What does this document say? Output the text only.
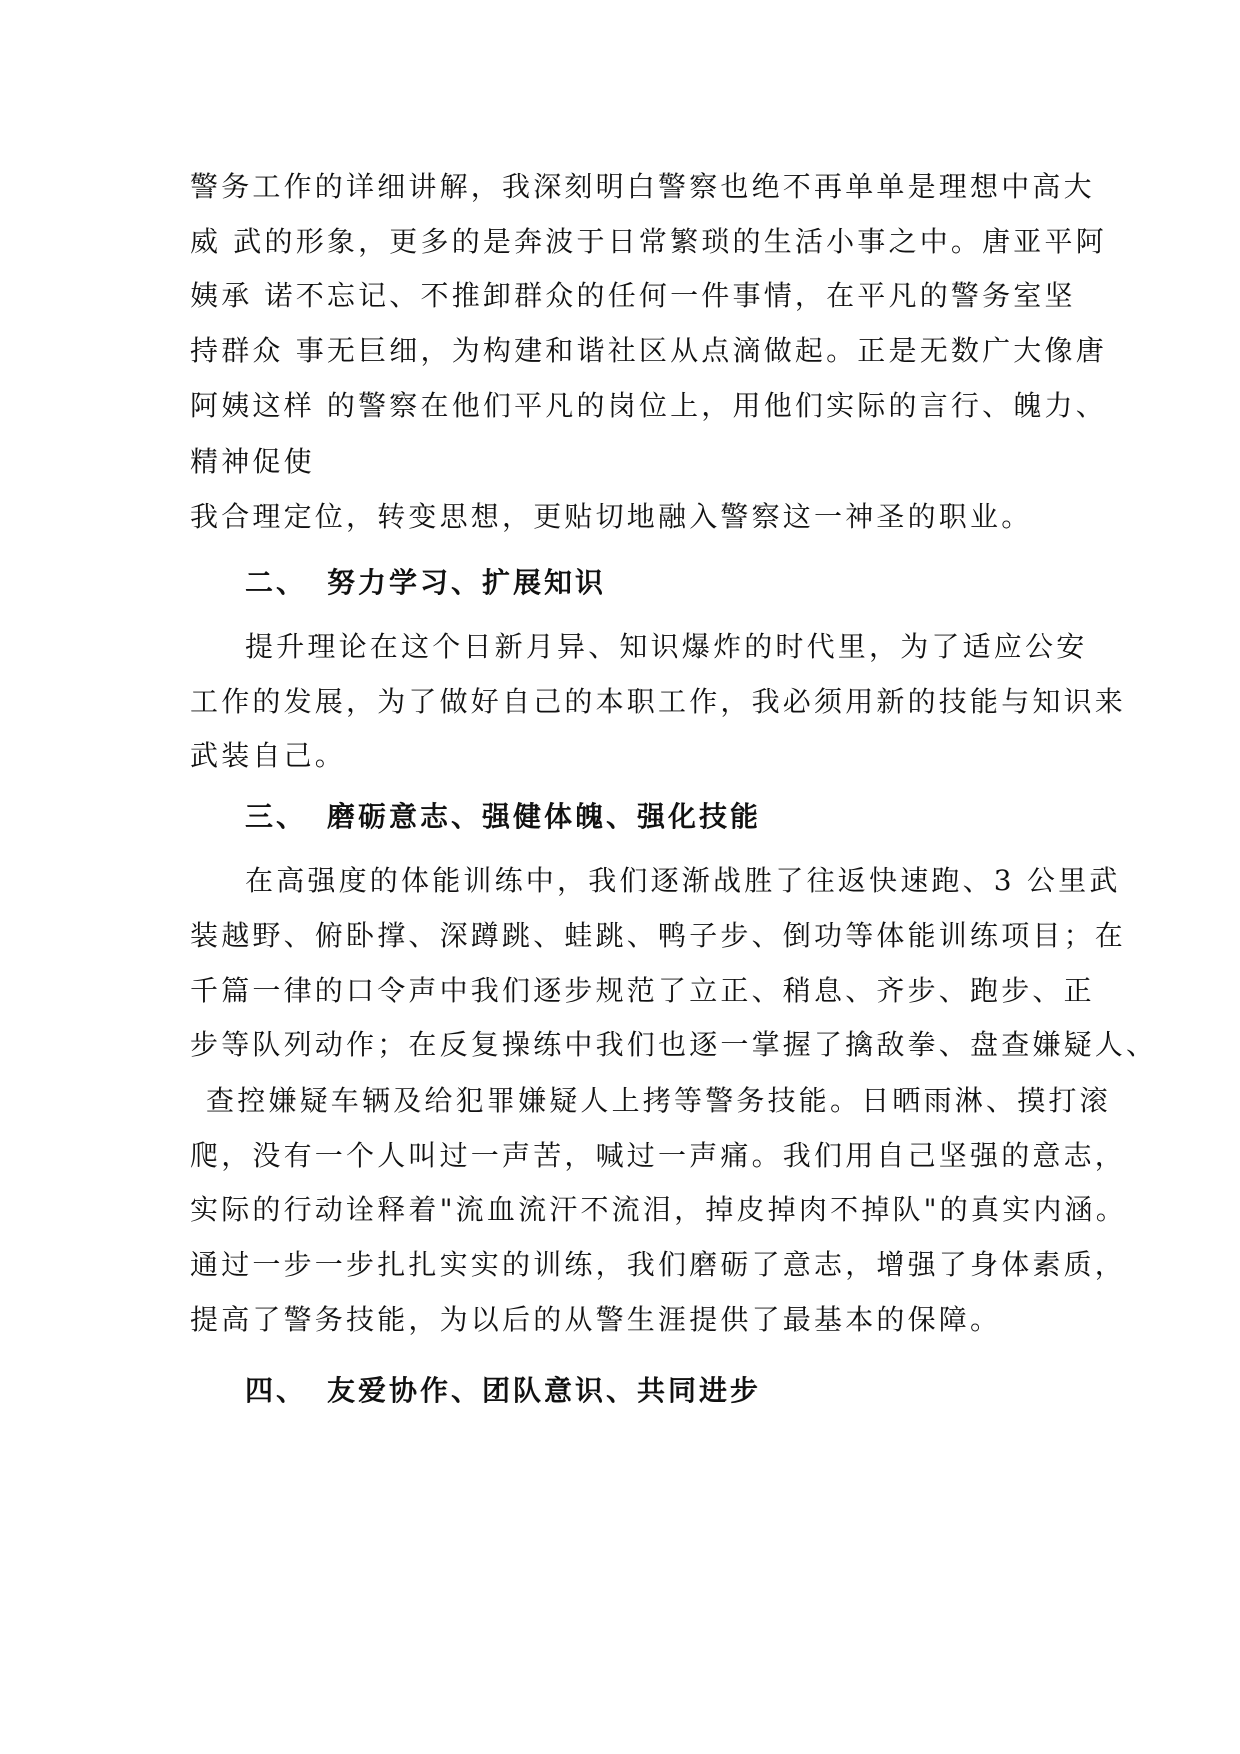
警务工作的详细讲解，我深刻明白警察也绝不再单单是理想中高大
威 武的形象，更多的是奔波于日常繁琐的生活小事之中。唐亚平阿
姨承 诺不忘记、不推卸群众的任何一件事情，在平凡的警务室坚
持群众 事无巨细，为构建和谐社区从点滴做起。正是无数广大像唐
阿姨这样 的警察在他们平凡的岗位上，用他们实际的言行、魄力、
精神促使
我合理定位，转变思想，更贴切地融入警察这一神圣的职业。
二、 努力学习、扩展知识
提升理论在这个日新月异、知识爆炸的时代里，为了适应公安
工作的发展，为了做好自己的本职工作，我必须用新的技能与知识来
武装自己。
三、 磨砺意志、强健体魄、强化技能
在高强度的体能训练中，我们逐渐战胜了往返快速跑、3 公里武
装越野、俯卧撑、深蹲跳、蛙跳、鸭子步、倒功等体能训练项目；在
千篇一律的口令声中我们逐步规范了立正、稍息、齐步、跑步、正
步等队列动作；在反复操练中我们也逐一掌握了擒敌拳、盘查嫌疑人、
查控嫌疑车辆及给犯罪嫌疑人上拷等警务技能。日晒雨淋、摸打滚
爬，没有一个人叫过一声苦，喊过一声痛。我们用自己坚强的意志，
实际的行动诠释着"流血流汗不流泪，掉皮掉肉不掉队"的真实内涵。
通过一步一步扎扎实实的训练，我们磨砺了意志，增强了身体素质，
提高了警务技能，为以后的从警生涯提供了最基本的保障。
四、 友爱协作、团队意识、共同进步
